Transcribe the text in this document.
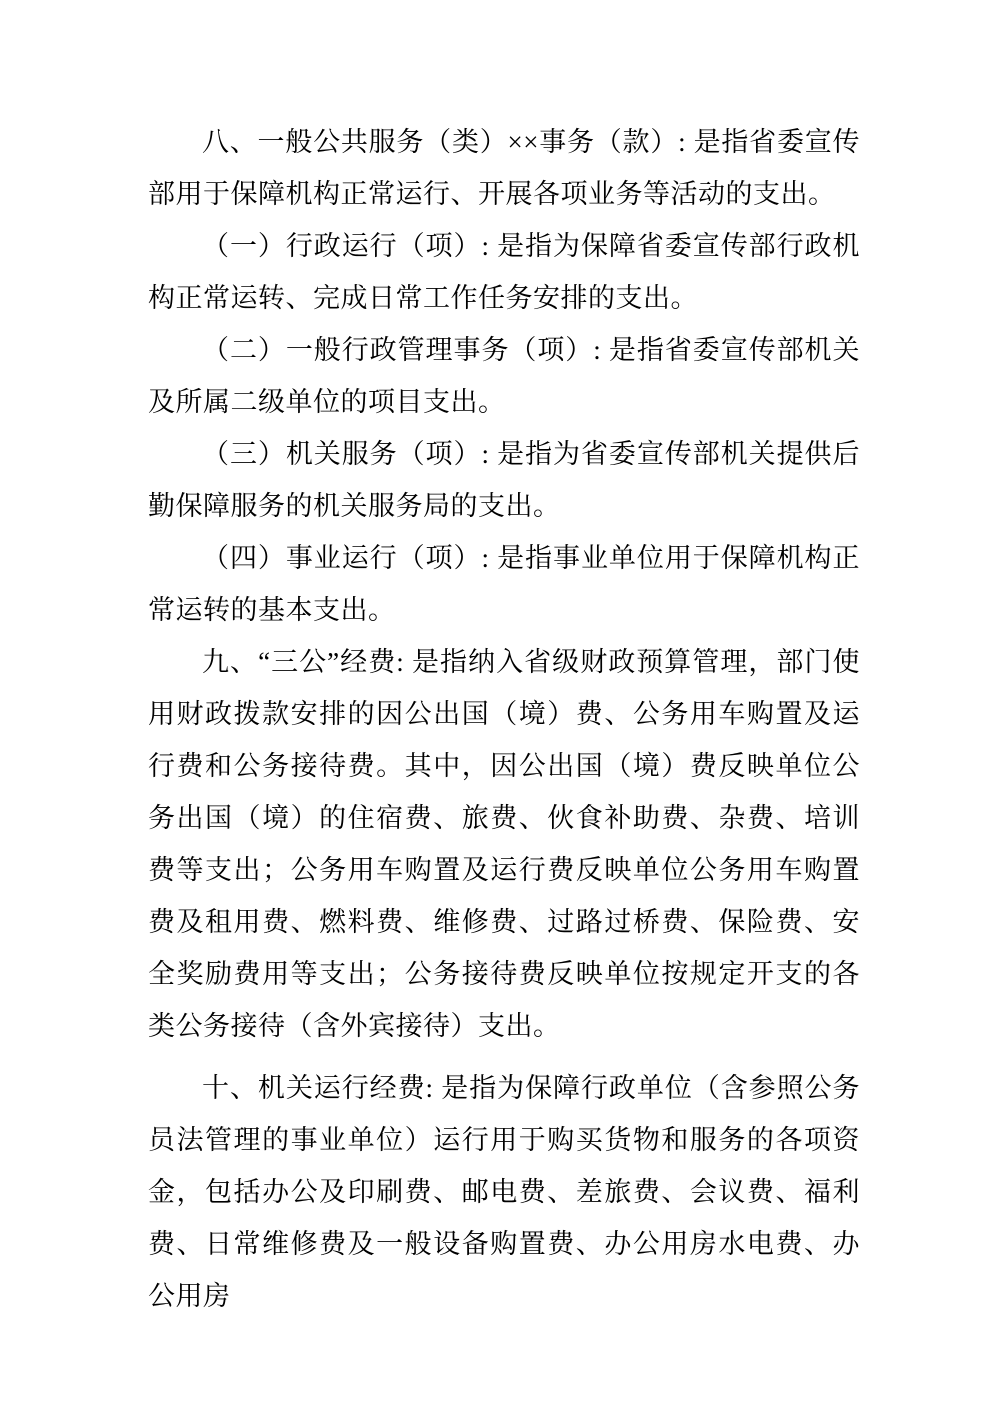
八、一般公共服务（类）××事务（款）: 是指省委宣传部用于保障机构正常运行、开展各项业务等活动的支出。

（一）行政运行（项）: 是指为保障省委宣传部行政机构正常运转、完成日常工作任务安排的支出。

（二）一般行政管理事务（项）: 是指省委宣传部机关及所属二级单位的项目支出。

（三）机关服务（项）: 是指为省委宣传部机关提供后勤保障服务的机关服务局的支出。

（四）事业运行（项）: 是指事业单位用于保障机构正常运转的基本支出。

九、“三公”经费: 是指纳入省级财政预算管理，部门使用财政拨款安排的因公出国（境）费、公务用车购置及运行费和公务接待费。其中，因公出国（境）费反映单位公务出国（境）的住宿费、旅费、伙食补助费、杂费、培训费等支出；公务用车购置及运行费反映单位公务用车购置费及租用费、燃料费、维修费、过路过桥费、保险费、安全奖励费用等支出；公务接待费反映单位按规定开支的各类公务接待（含外宾接待）支出。

十、机关运行经费: 是指为保障行政单位（含参照公务员法管理的事业单位）运行用于购买货物和服务的各项资金，包括办公及印刷费、邮电费、差旅费、会议费、福利费、日常维修费及一般设备购置费、办公用房水电费、办公用房
